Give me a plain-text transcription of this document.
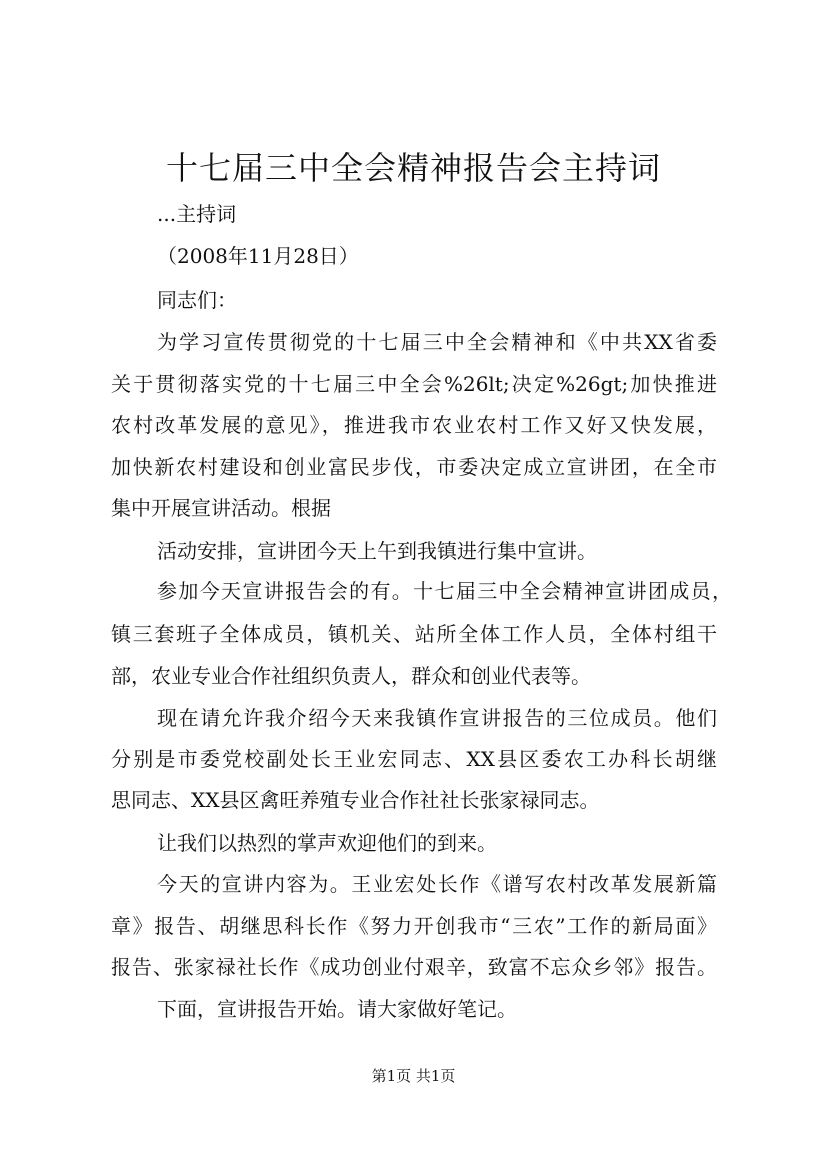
十七届三中全会精神报告会主持词
...主持词
（2008年11月28日）
同志们：
为学习宣传贯彻党的十七届三中全会精神和《中共XX省委
关于贯彻落实党的十七届三中全会%26lt;决定%26gt;加快推进
农村改革发展的意见》，推进我市农业农村工作又好又快发展，
加快新农村建设和创业富民步伐，市委决定成立宣讲团，在全市
集中开展宣讲活动。根据
活动安排，宣讲团今天上午到我镇进行集中宣讲。
参加今天宣讲报告会的有。十七届三中全会精神宣讲团成员，
镇三套班子全体成员，镇机关、站所全体工作人员，全体村组干
部，农业专业合作社组织负责人，群众和创业代表等。
现在请允许我介绍今天来我镇作宣讲报告的三位成员。他们
分别是市委党校副处长王业宏同志、XX县区委农工办科长胡继
思同志、XX县区禽旺养殖专业合作社社长张家禄同志。
让我们以热烈的掌声欢迎他们的到来。
今天的宣讲内容为。王业宏处长作《谱写农村改革发展新篇
章》报告、胡继思科长作《努力开创我市“三农”工作的新局面》
报告、张家禄社长作《成功创业付艰辛，致富不忘众乡邻》报告。
下面，宣讲报告开始。请大家做好笔记。
第1页 共1页
